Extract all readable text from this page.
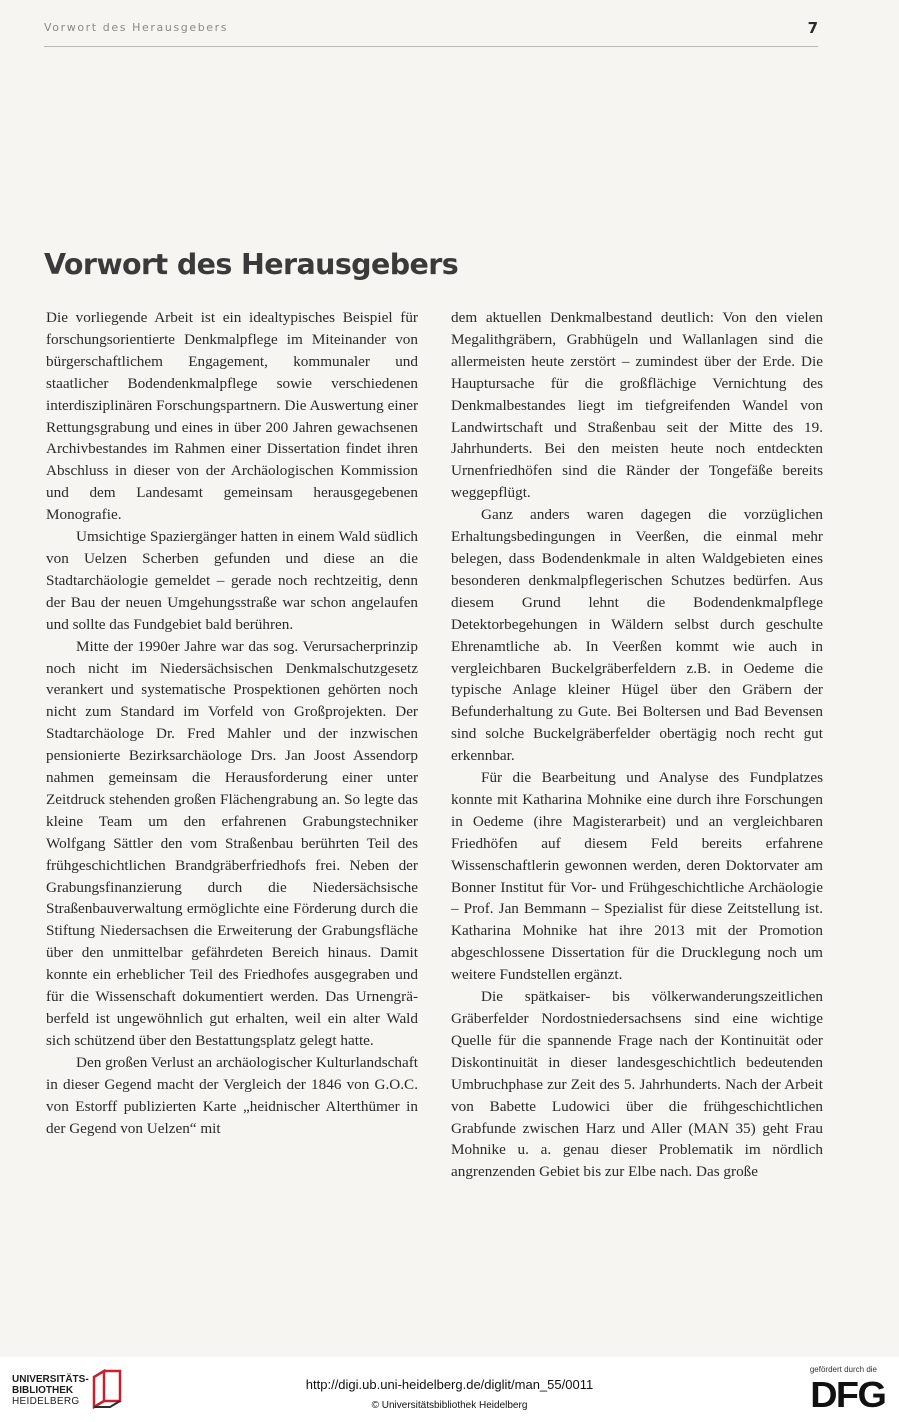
Vorwort des Herausgebers	7
Vorwort des Herausgebers

Die vorliegende Arbeit ist ein idealtypisches Beispiel für forschungsorientierte Denkmalpflege im Miteinander von bürgerschaftlichem Engagement, kommunaler und staatlicher Bodendenkmalpflege sowie verschiedenen interdisziplinären Forschungspartnern. Die Auswertung einer Rettungsgrabung und eines in über 200 Jahren gewachsenen Archivbestandes im Rahmen einer Dissertation findet ihren Abschluss in dieser von der Archäologischen Kommission und dem Landesamt gemeinsam herausgegebenen Monografie.

Umsichtige Spaziergänger hatten in einem Wald südlich von Uelzen Scherben gefunden und diese an die Stadtarchäologie gemeldet – gerade noch rechtzeitig, denn der Bau der neuen Umgehungsstraße war schon angelaufen und sollte das Fundgebiet bald berühren.

Mitte der 1990er Jahre war das sog. Verursacherprinzip noch nicht im Niedersächsischen Denkmalschutzgesetz verankert und systematische Prospektionen gehörten noch nicht zum Standard im Vorfeld von Großprojekten. Der Stadtarchäologe Dr. Fred Mahler und der inzwischen pensionierte Bezirksarchäologe Drs. Jan Joost Assendorp nahmen gemeinsam die Herausforderung einer unter Zeitdruck stehenden großen Flächengrabung an. So legte das kleine Team um den erfahrenen Grabungstechniker Wolfgang Sättler den vom Straßenbau berührten Teil des frühgeschichtlichen Brandgräberfriedhofs frei. Neben der Grabungsfinanzierung durch die Niedersächsische Straßenbauverwaltung ermöglichte eine Förderung durch die Stiftung Niedersachsen die Erweiterung der Grabungsfläche über den unmittelbar gefährdeten Bereich hinaus. Damit konnte ein erheblicher Teil des Friedhofes ausgegraben und für die Wissenschaft dokumentiert werden. Das Urnengräberfeld ist ungewöhnlich gut erhalten, weil ein alter Wald sich schützend über den Bestattungsplatz gelegt hatte.

Den großen Verlust an archäologischer Kulturlandschaft in dieser Gegend macht der Vergleich der 1846 von G.O.C. von Estorff publizierten Karte „heidnischer Alterthümer in der Gegend von Uelzen“ mit

dem aktuellen Denkmalbestand deutlich: Von den vielen Megalithgräbern, Grabhügeln und Wallanlagen sind die allermeisten heute zerstört – zumindest über der Erde. Die Hauptursache für die großflächige Vernichtung des Denkmalbestandes liegt im tiefgreifenden Wandel von Landwirtschaft und Straßenbau seit der Mitte des 19. Jahrhunderts. Bei den meisten heute noch entdeckten Urnenfriedhöfen sind die Ränder der Tongefäße bereits weggepflügt.

Ganz anders waren dagegen die vorzüglichen Erhaltungsbedingungen in Veerßen, die einmal mehr belegen, dass Bodendenkmale in alten Waldgebieten eines besonderen denkmalpflegerischen Schutzes bedürfen. Aus diesem Grund lehnt die Bodendenkmalpflege Detektorbegehungen in Wäldern selbst durch geschulte Ehrenamtliche ab. In Veerßen kommt wie auch in vergleichbaren Buckelgräberfeldern z.B. in Oedeme die typische Anlage kleiner Hügel über den Gräbern der Befunderhaltung zu Gute. Bei Boltersen und Bad Bevensen sind solche Buckelgräberfelder obertägig noch recht gut erkennbar.

Für die Bearbeitung und Analyse des Fundplatzes konnte mit Katharina Mohnike eine durch ihre Forschungen in Oedeme (ihre Magisterarbeit) und an vergleichbaren Friedhöfen auf diesem Feld bereits erfahrene Wissenschaftlerin gewonnen werden, deren Doktorvater am Bonner Institut für Vor- und Frühgeschichtliche Archäologie – Prof. Jan Bemmann – Spezialist für diese Zeitstellung ist. Katharina Mohnike hat ihre 2013 mit der Promotion abgeschlossene Dissertation für die Drucklegung noch um weitere Fundstellen ergänzt.

Die spätkaiser- bis völkerwanderungszeitlichen Gräberfelder Nordostniedersachsens sind eine wichtige Quelle für die spannende Frage nach der Kontinuität oder Diskontinuität in dieser landesgeschichtlich bedeutenden Umbruchphase zur Zeit des 5. Jahrhunderts. Nach der Arbeit von Babette Ludowici über die frühgeschichtlichen Grabfunde zwischen Harz und Aller (MAN 35) geht Frau Mohnike u. a. genau dieser Problematik im nördlich angrenzenden Gebiet bis zur Elbe nach. Das große

UNIVERSITÄTS-
BIBLIOTHEK
HEIDELBERG
http://digi.ub.uni-heidelberg.de/diglit/man_55/0011
© Universitätsbibliothek Heidelberg
gefördert durch die
DFG
